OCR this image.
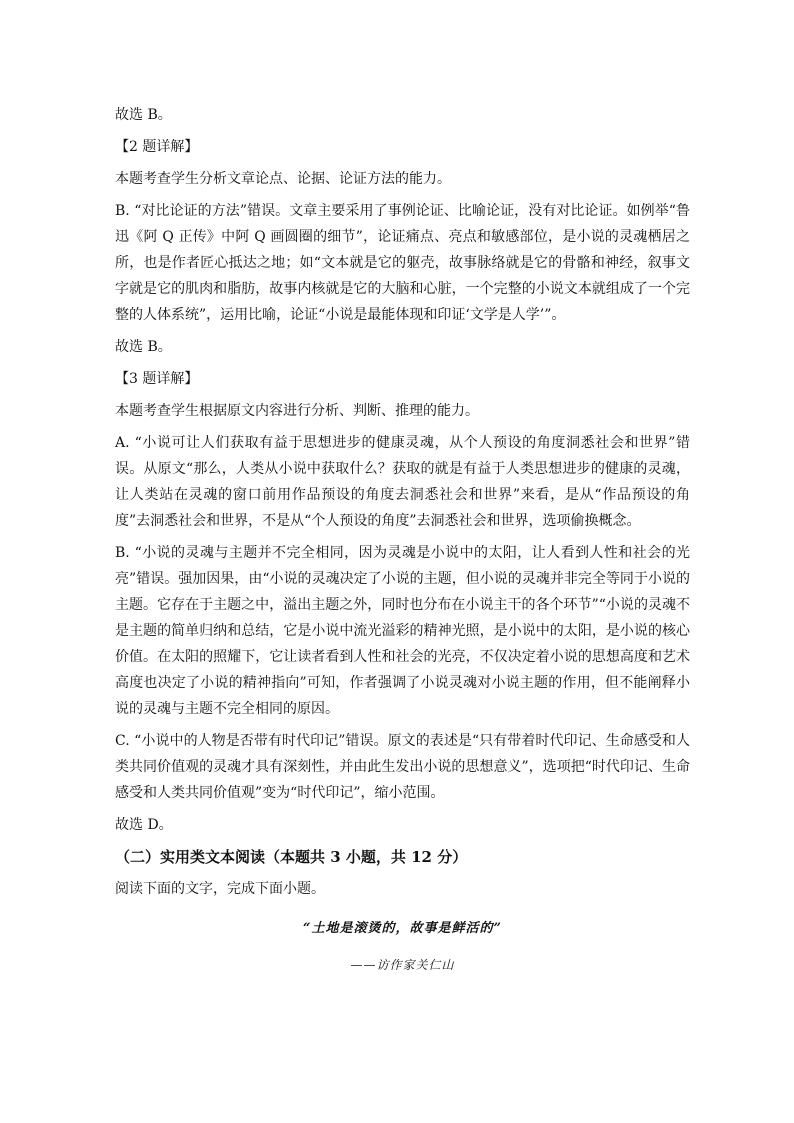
故选 B。

【2 题详解】

本题考查学生分析文章论点、论据、论证方法的能力。

B. “对比论证的方法”错误。文章主要采用了事例论证、比喻论证，没有对比论证。如例举“鲁迅《阿 Q 正传》中阿 Q 画圆圈的细节”，论证痛点、亮点和敏感部位，是小说的灵魂栖居之所，也是作者匠心抵达之地；如“文本就是它的躯壳，故事脉络就是它的骨骼和神经，叙事文字就是它的肌肉和脂肪，故事内核就是它的大脑和心脏，一个完整的小说文本就组成了一个完整的人体系统”，运用比喻，论证“小说是最能体现和印证‘文学是人学’”。

故选 B。

【3 题详解】

本题考查学生根据原文内容进行分析、判断、推理的能力。

A. “小说可让人们获取有益于思想进步的健康灵魂，从个人预设的角度洞悉社会和世界”错误。从原文“那么，人类从小说中获取什么？获取的就是有益于人类思想进步的健康的灵魂，让人类站在灵魂的窗口前用作品预设的角度去洞悉社会和世界”来看，是从“作品预设的角度”去洞悉社会和世界，不是从“个人预设的角度”去洞悉社会和世界，选项偷换概念。

B. “小说的灵魂与主题并不完全相同，因为灵魂是小说中的太阳，让人看到人性和社会的光亮”错误。强加因果，由“小说的灵魂决定了小说的主题，但小说的灵魂并非完全等同于小说的主题。它存在于主题之中，溢出主题之外，同时也分布在小说主干的各个环节”“小说的灵魂不是主题的简单归纳和总结，它是小说中流光溢彩的精神光照，是小说中的太阳，是小说的核心价值。在太阳的照耀下，它让读者看到人性和社会的光亮，不仅决定着小说的思想高度和艺术高度也决定了小说的精神指向”可知，作者强调了小说灵魂对小说主题的作用，但不能阐释小说的灵魂与主题不完全相同的原因。

C. “小说中的人物是否带有时代印记”错误。原文的表述是“只有带着时代印记、生命感受和人类共同价值观的灵魂才具有深刻性，并由此生发出小说的思想意义”，选项把“时代印记、生命感受和人类共同价值观”变为“时代印记”，缩小范围。

故选 D。

（二）实用类文本阅读（本题共 3 小题，共 12 分）

阅读下面的文字，完成下面小题。

“土地是滚烫的，故事是鲜活的”

——访作家关仁山
